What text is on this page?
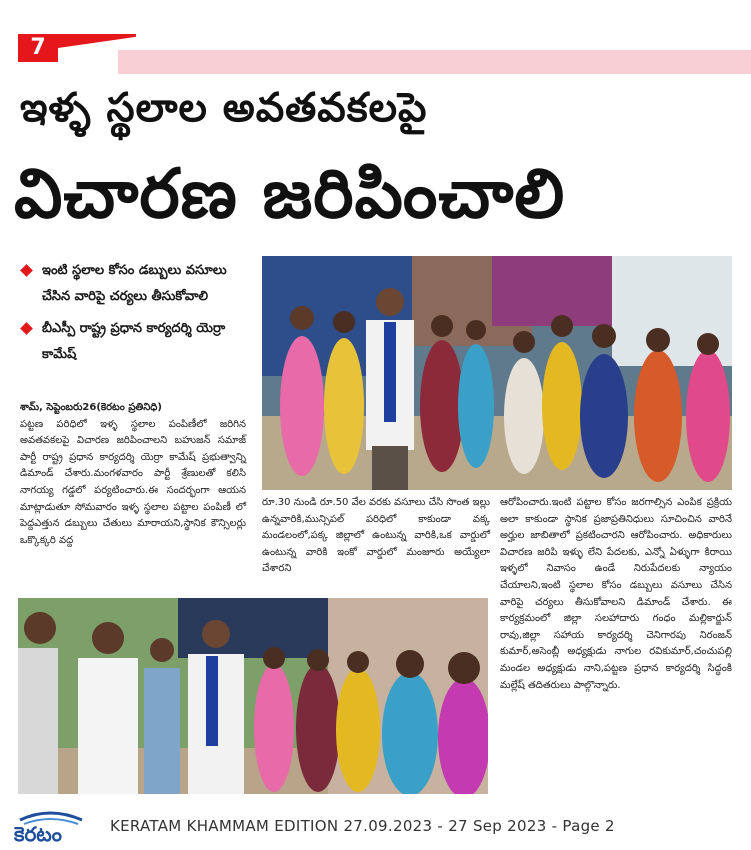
7
ఇళ్ళ స్థలాల అవతవకలపై
విచారణ జరిపించాలి
ఇంటి స్థలాల కోసం డబ్బులు వసూలు చేసిన వారిపై చర్యలు తీసుకోవాలి
బీఎస్పీ రాష్ట్ర ప్రధాన కార్యదర్శి యెర్రా కామేష్
శామ్, సెప్టెంబరు26(కెరటం ప్రతినిధి)
పట్టణ పరిధిలో ఇళ్ళ స్థలాల పంపిణీలో జరిగిన అవతవకలపై విచారణ జరిపించాలని బహుజన్ సమాజ్ పార్టీ రాష్ట్ర ప్రధాన కార్యదర్శి యెర్రా కామేష్ ప్రభుత్వాన్ని డిమాండ్ చేశారు.మంగళవారం పార్టీ శ్రేణులతో కలిసి నాగయ్య గడ్డలో పర్యటించారు.ఈ సందర్భంగా ఆయన మాట్లాడుతూ సోమవారం ఇళ్ళ స్థలాల పట్టాల పంపిణీ లో పెద్దఎత్తున డబ్బులు చేతులు మారాయని,స్థానిక కౌన్సిలర్లు ఒక్కొక్కరి వద్ద
రూ.30 నుండి రూ.50 వేల వరకు వసూలు చేసి సొంత ఇల్లు ఉన్నవారికి,మున్సిపల్ పరిధిలో కాకుండా వక్క మండలంలో,పక్క జిల్లాలో ఉంటున్న వారికి,ఒక వార్డులో ఉంటున్న వారికి ఇంకో వార్డులో మంజూరు అయ్యేలా చేశారని
ఆరోపించారు.ఇంటి పట్టాల కోసం జరగాల్సిన ఎంపిక ప్రక్రియ అలా కాకుండా స్థానిక ప్రజాప్రతినిధులు సూచించిన వారినే అర్హుల జాబితాలో ప్రకటించారని ఆరోపించారు. అధికారులు విచారణ జరిపి ఇళ్ళు లేని పేదలకు, ఎన్నో ఏళ్ళుగా కిరాయి ఇళ్ళలో నివాసం ఉండే నిరుపేదలకు న్యాయం చేయాలని,ఇంటి స్థలాల కోసం డబ్బులు వసూలు చేసిన వారిపై చర్యలు తీసుకోవాలని డిమాండ్ చేశారు. ఈ కార్యక్రమంలో జిల్లా సలహాదారు గంధం మల్లికార్జున్ రావు,జిల్లా సహాయ కార్యదర్శి చెనిగారపు నిరంజన్ కుమార్,అసెంబ్లీ అధ్యక్షుడు నాగుల రవికుమార్,చంచుపల్లి మండల అధ్యక్షుడు నాని,పట్టణ ప్రధాన కార్యదర్శి సిద్ధంకి మల్లేష్ తదితరులు పాల్గొన్నారు.
కెరటం	KERATAM KHAMMAM EDITION 27.09.2023 - 27 Sep 2023 - Page 2
